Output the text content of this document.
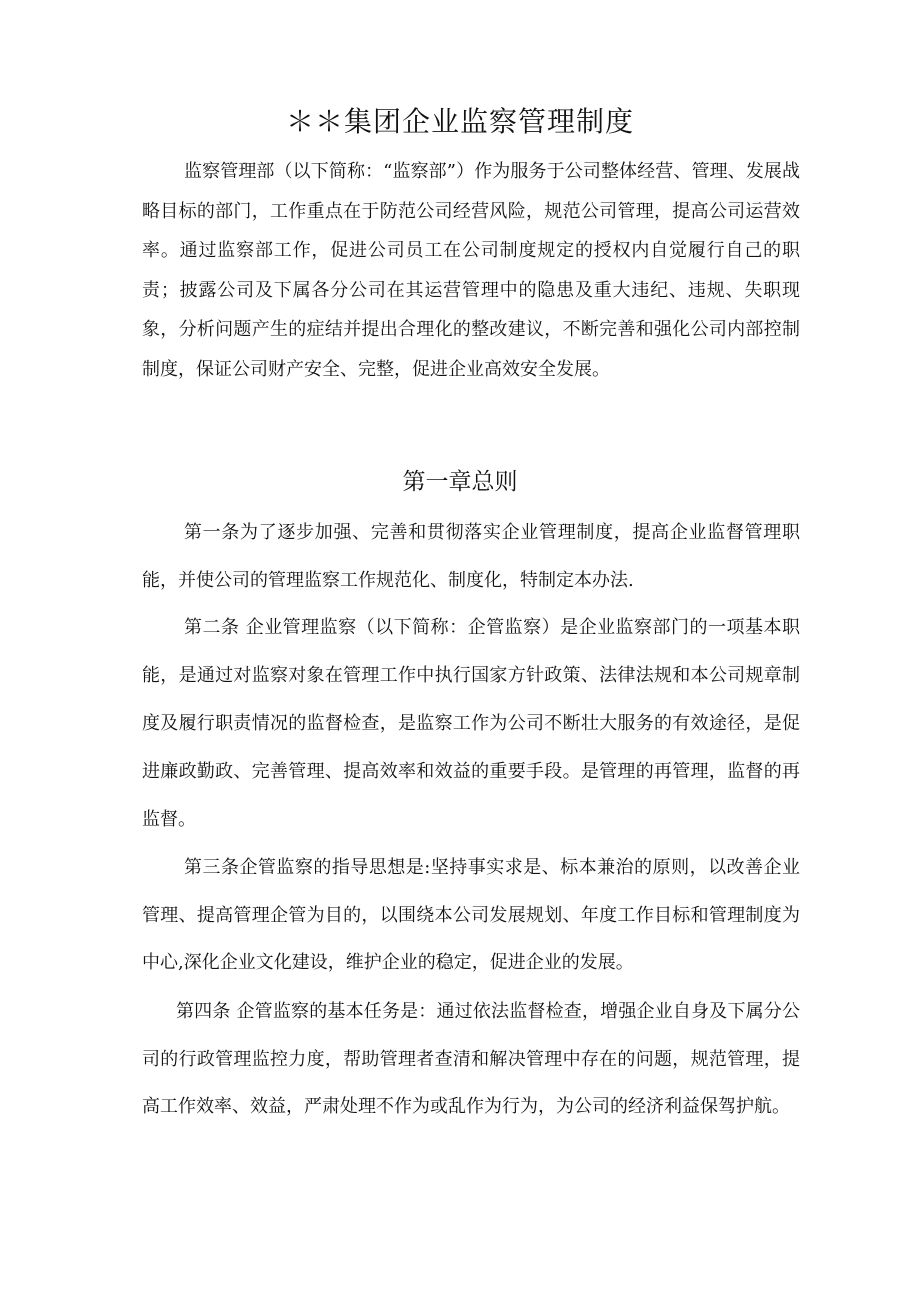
＊＊集团企业监察管理制度

监察管理部（以下简称：“监察部”）作为服务于公司整体经营、管理、发展战略目标的部门，工作重点在于防范公司经营风险，规范公司管理，提高公司运营效率。通过监察部工作，促进公司员工在公司制度规定的授权内自觉履行自己的职责；披露公司及下属各分公司在其运营管理中的隐患及重大违纪、违规、失职现象，分析问题产生的症结并提出合理化的整改建议，不断完善和强化公司内部控制制度，保证公司财产安全、完整，促进企业高效安全发展。

第一章总则

第一条为了逐步加强、完善和贯彻落实企业管理制度，提高企业监督管理职能，并使公司的管理监察工作规范化、制度化，特制定本办法.

第二条 企业管理监察（以下简称：企管监察）是企业监察部门的一项基本职能，是通过对监察对象在管理工作中执行国家方针政策、法律法规和本公司规章制度及履行职责情况的监督检查，是监察工作为公司不断壮大服务的有效途径，是促进廉政勤政、完善管理、提高效率和效益的重要手段。是管理的再管理，监督的再监督。

第三条企管监察的指导思想是:坚持事实求是、标本兼治的原则，以改善企业管理、提高管理企管为目的，以围绕本公司发展规划、年度工作目标和管理制度为中心,深化企业文化建设，维护企业的稳定，促进企业的发展。

第四条 企管监察的基本任务是：通过依法监督检查，增强企业自身及下属分公司的行政管理监控力度，帮助管理者查清和解决管理中存在的问题，规范管理，提高工作效率、效益，严肃处理不作为或乱作为行为，为公司的经济利益保驾护航。
